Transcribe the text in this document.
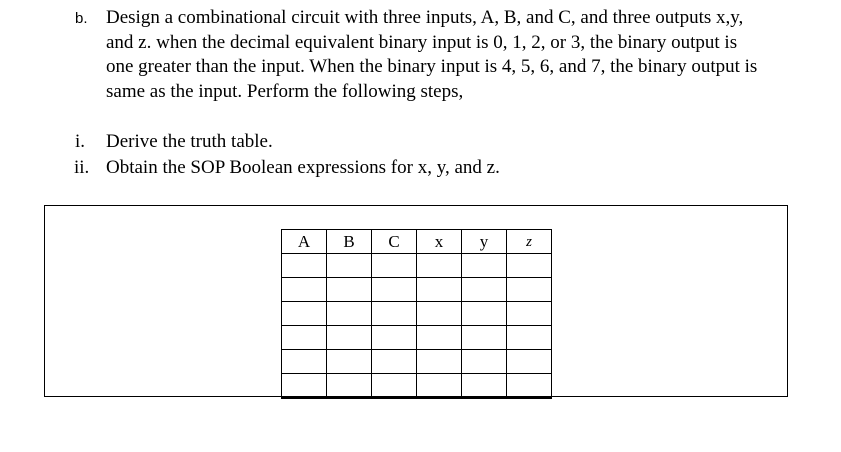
b. Design a combinational circuit with three inputs, A, B, and C, and three outputs x,y,
and z. when the decimal equivalent binary input is 0, 1, 2, or 3, the binary output is
one greater than the input. When the binary input is 4, 5, 6, and 7, the binary output is
same as the input. Perform the following steps,

i. Derive the truth table.
ii. Obtain the SOP Boolean expressions for x, y, and z.
A	B	C	x	y	z
